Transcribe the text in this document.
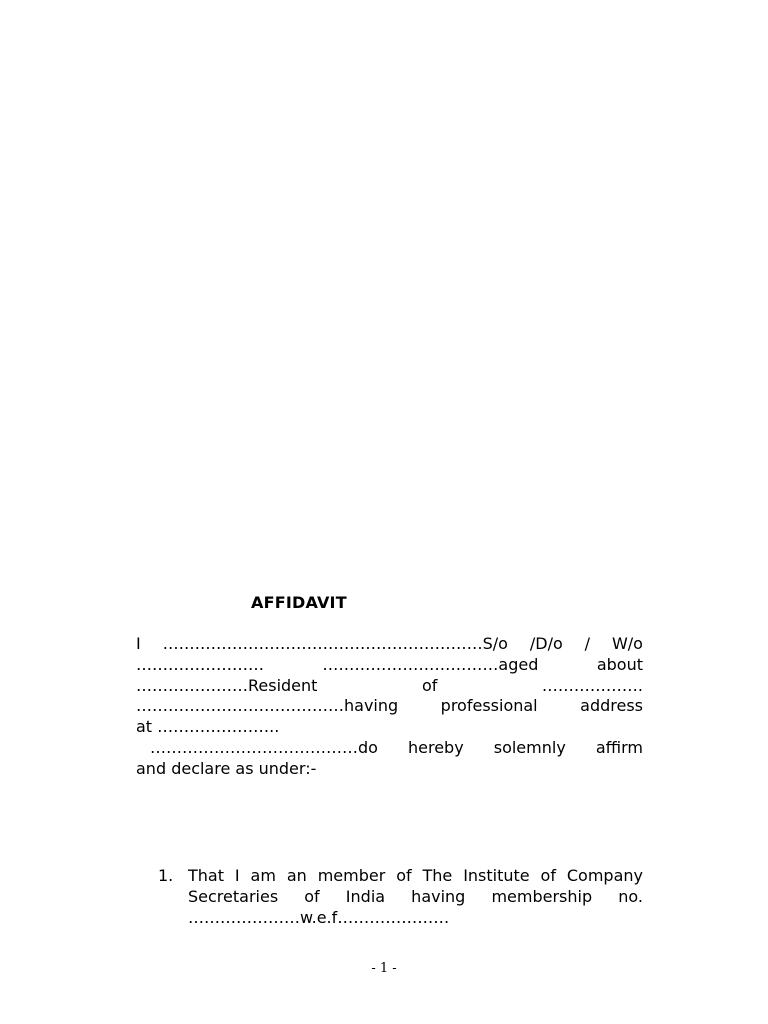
AFFIDAVIT
I ……………………………………………………S/o /D/o / W/o
……………………	……………………………aged	about
…………………Resident	of	……………….
…………………………………having	professional	address
at …………………..
…………………………………do hereby solemnly affirm
and declare as under:-
1. That I am an member of The Institute of Company
Secretaries of India having membership no.
…………………w.e.f…………………
- 1 -
